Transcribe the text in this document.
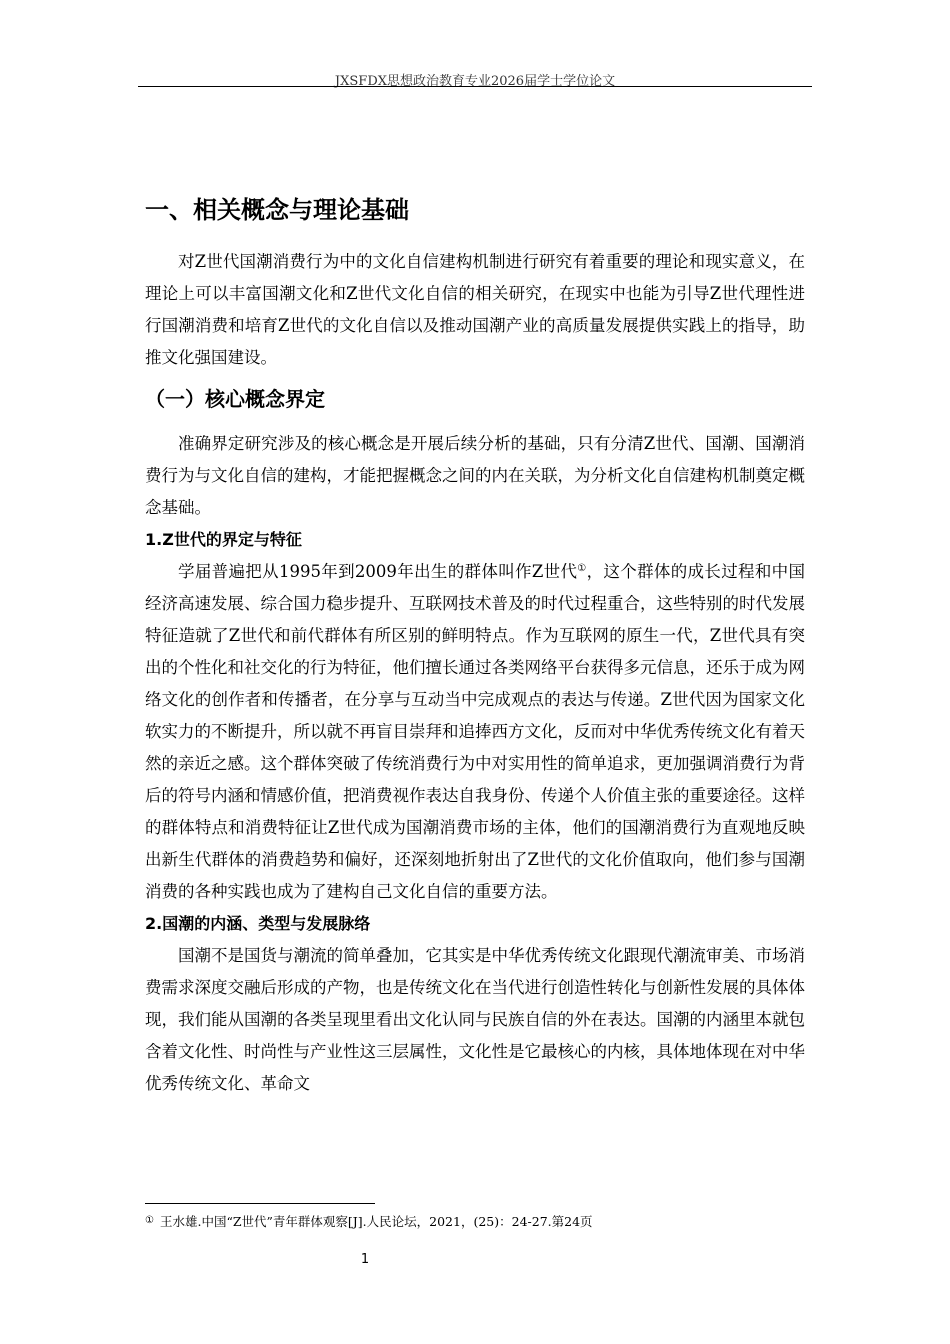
JXSFDX思想政治教育专业2026届学士学位论文
一、相关概念与理论基础

对Z世代国潮消费行为中的文化自信建构机制进行研究有着重要的理论和现实意义，在理论上可以丰富国潮文化和Z世代文化自信的相关研究，在现实中也能为引导Z世代理性进行国潮消费和培育Z世代的文化自信以及推动国潮产业的高质量发展提供实践上的指导，助推文化强国建设。

（一）核心概念界定

准确界定研究涉及的核心概念是开展后续分析的基础，只有分清Z世代、国潮、国潮消费行为与文化自信的建构，才能把握概念之间的内在关联，为分析文化自信建构机制奠定概念基础。

1.Z世代的界定与特征

学届普遍把从1995年到2009年出生的群体叫作Z世代①，这个群体的成长过程和中国经济高速发展、综合国力稳步提升、互联网技术普及的时代过程重合，这些特别的时代发展特征造就了Z世代和前代群体有所区别的鲜明特点。作为互联网的原生一代，Z世代具有突出的个性化和社交化的行为特征，他们擅长通过各类网络平台获得多元信息，还乐于成为网络文化的创作者和传播者，在分享与互动当中完成观点的表达与传递。Z世代因为国家文化软实力的不断提升，所以就不再盲目崇拜和追捧西方文化，反而对中华优秀传统文化有着天然的亲近之感。这个群体突破了传统消费行为中对实用性的简单追求，更加强调消费行为背后的符号内涵和情感价值，把消费视作表达自我身份、传递个人价值主张的重要途径。这样的群体特点和消费特征让Z世代成为国潮消费市场的主体，他们的国潮消费行为直观地反映出新生代群体的消费趋势和偏好，还深刻地折射出了Z世代的文化价值取向，他们参与国潮消费的各种实践也成为了建构自己文化自信的重要方法。

2.国潮的内涵、类型与发展脉络

国潮不是国货与潮流的简单叠加，它其实是中华优秀传统文化跟现代潮流审美、市场消费需求深度交融后形成的产物，也是传统文化在当代进行创造性转化与创新性发展的具体体现，我们能从国潮的各类呈现里看出文化认同与民族自信的外在表达。国潮的内涵里本就包含着文化性、时尚性与产业性这三层属性，文化性是它最核心的内核，具体地体现在对中华优秀传统文化、革命文

① 王水雄.中国“Z世代”青年群体观察[J].人民论坛，2021，(25)：24-27.第24页
1
